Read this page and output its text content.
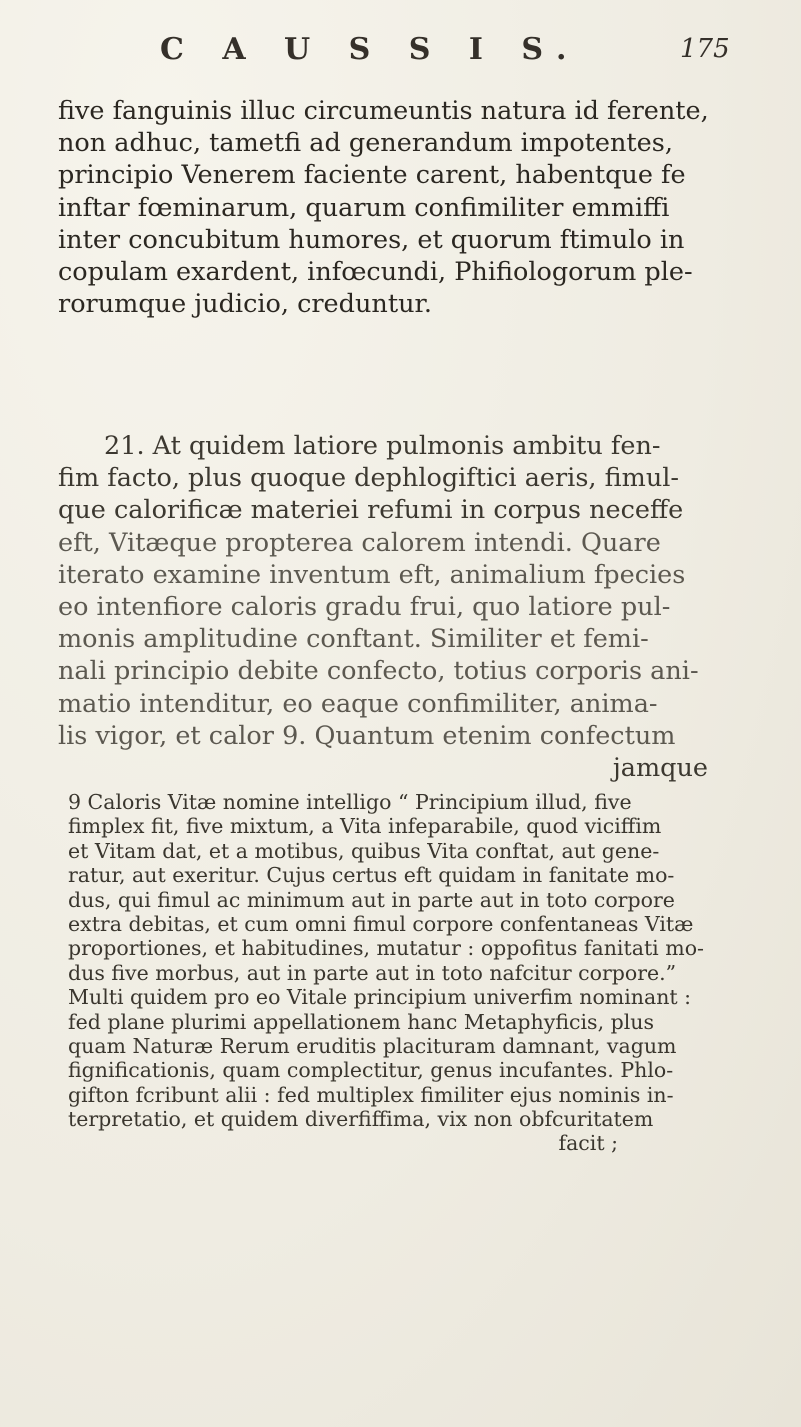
C A U S S I S.	175
five fanguinis illuc circumeuntis natura id ferente,
non adhuc, tametfi ad generandum impotentes,
principio Venerem faciente carent, habentque fe
inftar fœminarum, quarum confimiliter emmiffi
inter concubitum humores, et quorum ftimulo in
copulam exardent, infœcundi, Phifiologorum ple-
rorumque judicio, creduntur.
21. At quidem latiore pulmonis ambitu fen-
fim facto, plus quoque dephlogiftici aeris, fimul-
que calorificæ materiei refumi in corpus neceffe
eft, Vitæque propterea calorem intendi. Quare
iterato examine inventum eft, animalium fpecies
eo intenfiore caloris gradu frui, quo latiore pul-
monis amplitudine conftant. Similiter et femi-
nali principio debite confecto, totius corporis ani-
matio intenditur, eo eaque confimiliter, anima-
lis vigor, et calor 9. Quantum etenim confectum
jamque
9 Caloris Vitæ nomine intelligo “ Principium illud, five
fimplex fit, five mixtum, a Vita infeparabile, quod viciffim
et Vitam dat, et a motibus, quibus Vita conftat, aut gene-
ratur, aut exeritur. Cujus certus eft quidam in fanitate mo-
dus, qui fimul ac minimum aut in parte aut in toto corpore
extra debitas, et cum omni fimul corpore confentaneas Vitæ
proportiones, et habitudines, mutatur : oppofitus fanitati mo-
dus five morbus, aut in parte aut in toto nafcitur corpore.”
Multi quidem pro eo Vitale principium univerfim nominant :
fed plane plurimi appellationem hanc Metaphyficis, plus
quam Naturæ Rerum eruditis placituram damnant, vagum
fignificationis, quam complectitur, genus incufantes. Phlo-
gifton fcribunt alii : fed multiplex fimiliter ejus nominis in-
terpretatio, et quidem diverfiffima, vix non obfcuritatem
facit ;
